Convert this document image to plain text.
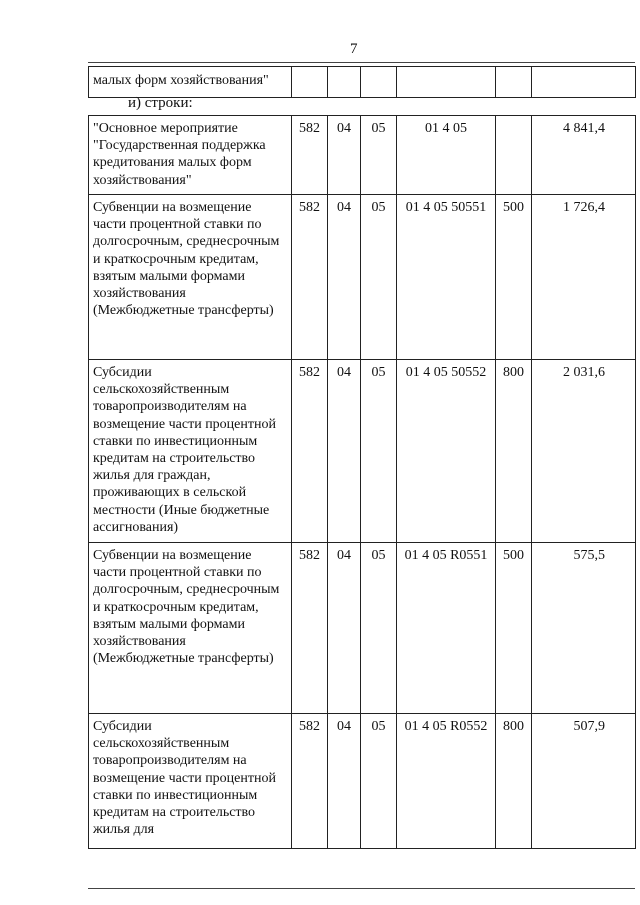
7
малых форм хозяйствования"						
и) строки:
"Основное мероприятие "Государственная поддержка кредитования малых форм хозяйствования"	582	04	05	01 4 05		4 841,4
Субвенции на возмещение части процентной ставки по долгосрочным, среднесрочным и краткосрочным кредитам, взятым малыми формами хозяйствования (Межбюджетные трансферты)	582	04	05	01 4 05 50551	500	1 726,4
Субсидии сельскохозяйственным товаропроизводителям на возмещение части процентной ставки по инвестиционным кредитам на строительство жилья для граждан, проживающих в сельской местности (Иные бюджетные ассигнования)	582	04	05	01 4 05 50552	800	2 031,6
Субвенции на возмещение части процентной ставки по долгосрочным, среднесрочным и краткосрочным кредитам, взятым малыми формами хозяйствования (Межбюджетные трансферты)	582	04	05	01 4 05 R0551	500	575,5
Субсидии сельскохозяйственным товаропроизводителям на возмещение части процентной ставки по инвестиционным кредитам на строительство жилья для	582	04	05	01 4 05 R0552	800	507,9
